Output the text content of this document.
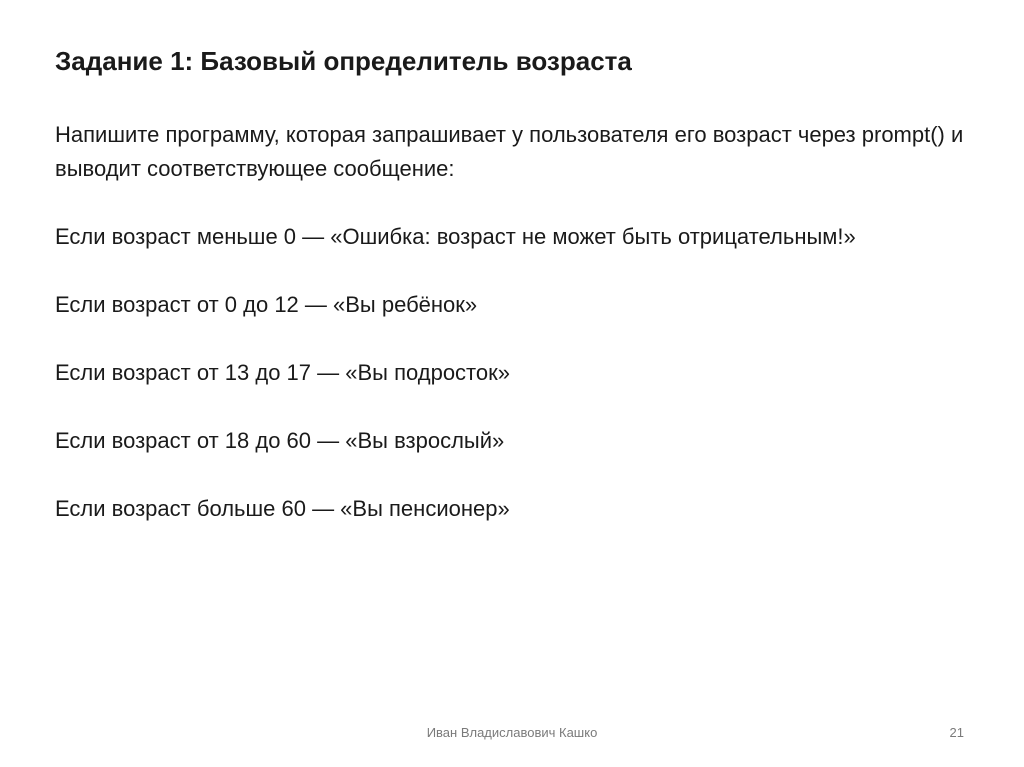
Задание 1: Базовый определитель возраста

Напишите программу, которая запрашивает у пользователя его возраст через prompt() и выводит соответствующее сообщение:

Если возраст меньше 0 — «Ошибка: возраст не может быть отрицательным!»

Если возраст от 0 до 12 — «Вы ребёнок»

Если возраст от 13 до 17 — «Вы подросток»

Если возраст от 18 до 60 — «Вы взрослый»

Если возраст больше 60 — «Вы пенсионер»

Иван Владиславович Кашко	21
